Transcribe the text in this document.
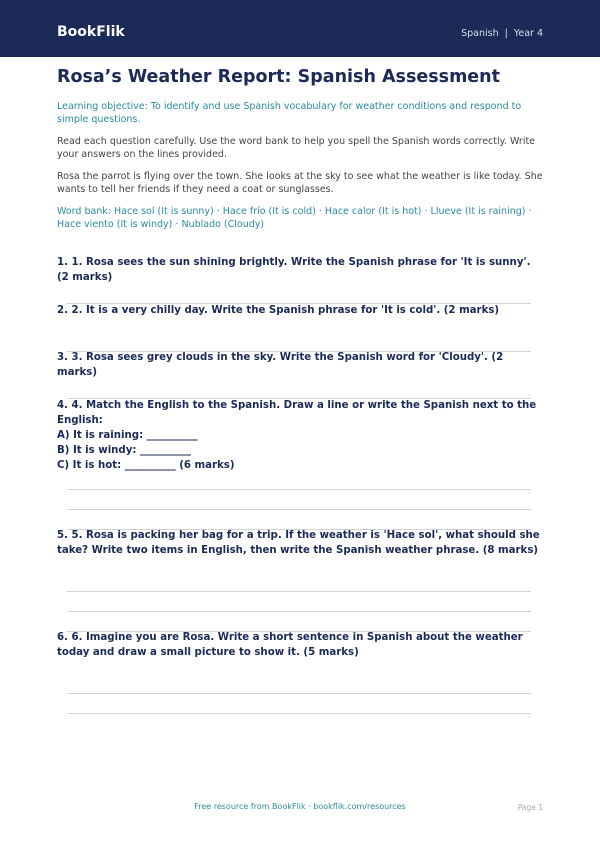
BookFlik	Spanish | Year 4
Rosa’s Weather Report: Spanish Assessment

Learning objective: To identify and use Spanish vocabulary for weather conditions and respond to simple questions.

Read each question carefully. Use the word bank to help you spell the Spanish words correctly. Write your answers on the lines provided.

Rosa the parrot is flying over the town. She looks at the sky to see what the weather is like today. She wants to tell her friends if they need a coat or sunglasses.

Word bank: Hace sol (It is sunny) · Hace frío (It is cold) · Hace calor (It is hot) · Llueve (It is raining) · Hace viento (It is windy) · Nublado (Cloudy)

1. 1. Rosa sees the sun shining brightly. Write the Spanish phrase for 'It is sunny'. (2 marks)
2. 2. It is a very chilly day. Write the Spanish phrase for 'It is cold'. (2 marks)
3. 3. Rosa sees grey clouds in the sky. Write the Spanish word for 'Cloudy'. (2 marks)
4. 4. Match the English to the Spanish. Draw a line or write the Spanish next to the English:
A) It is raining: __________
B) It is windy: __________
C) It is hot: __________ (6 marks)
5. 5. Rosa is packing her bag for a trip. If the weather is 'Hace sol', what should she take? Write two items in English, then write the Spanish weather phrase. (8 marks)
6. 6. Imagine you are Rosa. Write a short sentence in Spanish about the weather today and draw a small picture to show it. (5 marks)
Free resource from BookFlik · bookflik.com/resources	Page 1
